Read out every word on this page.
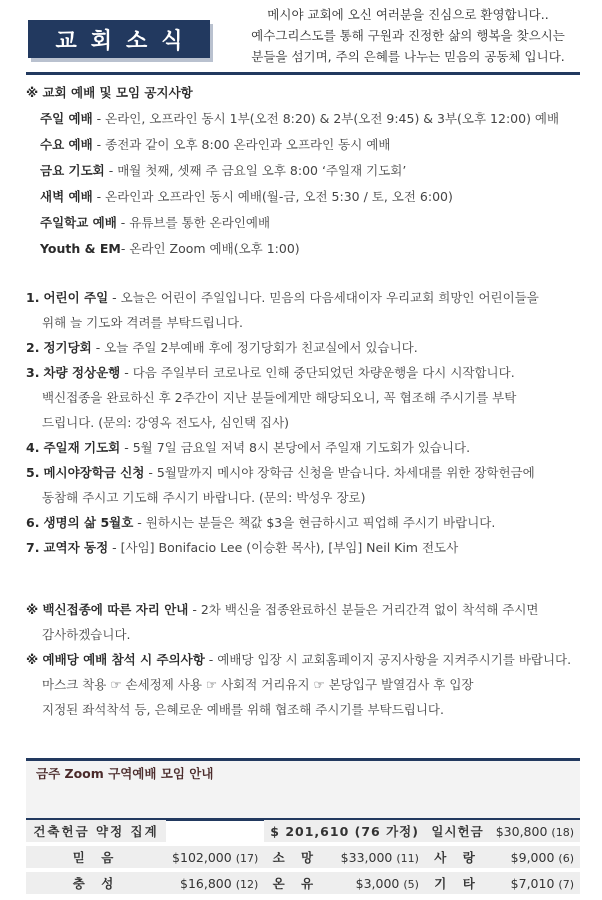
교회소식
메시야 교회에 오신 여러분을 진심으로 환영합니다..
예수그리스도를 통해 구원과 진정한 삶의 행복을 찾으시는
분들을 섬기며, 주의 은혜를 나누는 믿음의 공동체 입니다.
※ 교회 예배 및 모임 공지사항
주일 예배 - 온라인, 오프라인 동시 1부(오전 8:20) & 2부(오전 9:45) & 3부(오후 12:00) 예배
수요 예배 - 종전과 같이 오후 8:00 온라인과 오프라인 동시 예배
금요 기도회 - 매월 첫째, 셋째 주 금요일 오후 8:00 ‘주일재 기도회’
새벽 예배 - 온라인과 오프라인 동시 예배(월-금, 오전 5:30 / 토, 오전 6:00)
주일학교 예배 - 유튜브를 통한 온라인예배
Youth & EM- 온라인 Zoom 예배(오후 1:00)
1. 어린이 주일 - 오늘은 어린이 주일입니다. 믿음의 다음세대이자 우리교회 희망인 어린이들을
위해 늘 기도와 격려를 부탁드립니다.
2. 정기당회 - 오늘 주일 2부예배 후에 정기당회가 친교실에서 있습니다.
3. 차량 정상운행 - 다음 주일부터 코로나로 인해 중단되었던 차량운행을 다시 시작합니다.
백신접종을 완료하신 후 2주간이 지난 분들에게만 해당되오니, 꼭 협조해 주시기를 부탁
드립니다. (문의: 강영옥 전도사, 심인택 집사)
4. 주일재 기도회 - 5월 7일 금요일 저녁 8시 본당에서 주일재 기도회가 있습니다.
5. 메시야장학금 신청 - 5월말까지 메시야 장학금 신청을 받습니다. 차세대를 위한 장학헌금에
동참해 주시고 기도해 주시기 바랍니다. (문의: 박성우 장로)
6. 생명의 삶 5월호 - 원하시는 분들은 책값 $3을 현금하시고 픽업해 주시기 바랍니다.
7. 교역자 동정 - [사임] Bonifacio Lee (이승환 목사), [부임] Neil Kim 전도사
※ 백신접종에 따른 자리 안내 - 2차 백신을 접종완료하신 분들은 거리간격 없이 착석해 주시면
감사하겠습니다.
※ 예배당 예배 참석 시 주의사항 - 예배당 입장 시 교회홈페이지 공지사항을 지켜주시기를 바랍니다.
마스크 착용 ☞ 손세정제 사용 ☞ 사회적 거리유지 ☞ 본당입구 발열검사 후 입장
지정된 좌석착석 등, 은혜로운 예배를 위해 협조해 주시기를 부탁드립니다.
금주 Zoom 구역예배 모임 안내
건축헌금 약정 집계		$ 201,610 (76 가정)		일시헌금	$30,800 (18)
믿 음	$102,000 (17)	소 망	$33,000 (11)		사 랑	$9,000 (6)
충 성	$16,800 (12)	온 유	$3,000 (5)		기 타	$7,010 (7)
